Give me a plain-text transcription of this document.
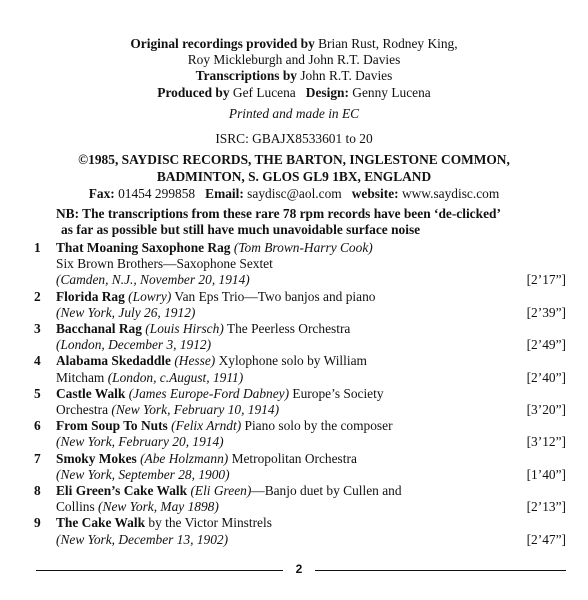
Original recordings provided by Brian Rust, Rodney King,
Roy Mickleburgh and John R.T. Davies
Transcriptions by John R.T. Davies
Produced by Gef Lucena Design: Genny Lucena
Printed and made in EC
ISRC: GBAJX8533601 to 20
©1985, SAYDISC RECORDS, THE BARTON, INGLESTONE COMMON,
BADMINTON, S. GLOS GL9 1BX, ENGLAND
Fax: 01454 299858 Email: saydisc@aol.com website: www.saydisc.com
NB: The transcriptions from these rare 78 rpm records have been ‘de-clicked’
as far as possible but still have much unavoidable surface noise
1 That Moaning Saxophone Rag (Tom Brown-Harry Cook)
Six Brown Brothers—Saxophone Sextet
(Camden, N.J., November 20, 1914)	[2’17”]
2 Florida Rag (Lowry) Van Eps Trio—Two banjos and piano
(New York, July 26, 1912)	[2’39”]
3 Bacchanal Rag (Louis Hirsch) The Peerless Orchestra
(London, December 3, 1912)	[2’49”]
4 Alabama Skedaddle (Hesse) Xylophone solo by William
Mitcham (London, c.August, 1911)	[2’40”]
5 Castle Walk (James Europe-Ford Dabney) Europe’s Society
Orchestra (New York, February 10, 1914)	[3’20”]
6 From Soup To Nuts (Felix Arndt) Piano solo by the composer
(New York, February 20, 1914)	[3’12”]
7 Smoky Mokes (Abe Holzmann) Metropolitan Orchestra
(New York, September 28, 1900)	[1’40”]
8 Eli Green’s Cake Walk (Eli Green)—Banjo duet by Cullen and
Collins (New York, May 1898)	[2’13”]
9 The Cake Walk by the Victor Minstrels
(New York, December 13, 1902)	[2’47”]
2
